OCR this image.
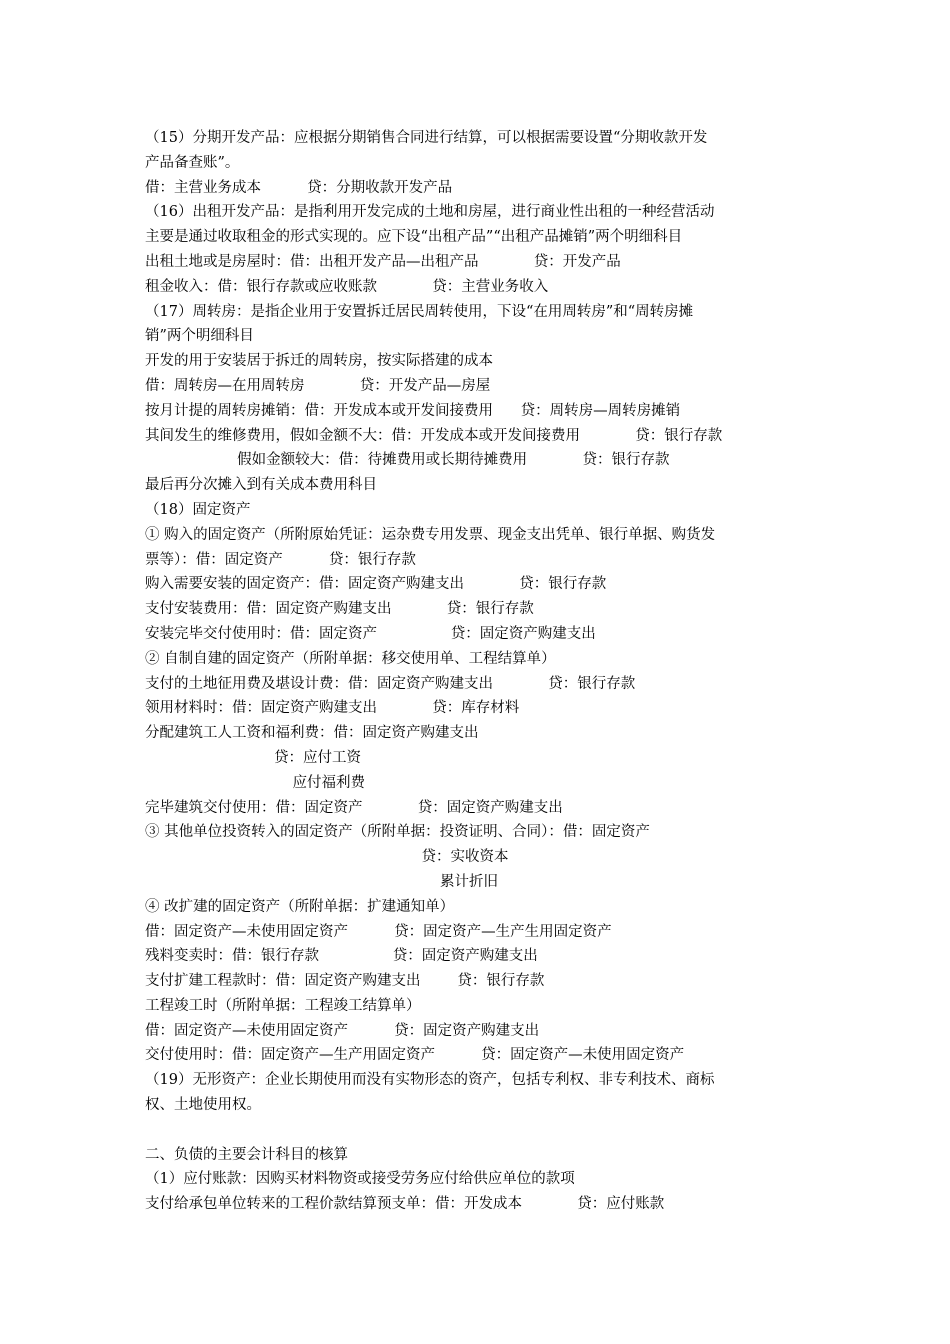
（15）分期开发产品：应根据分期销售合同进行结算，可以根据需要设置“分期收款开发
产品备查账”。
借：主营业务成本          贷：分期收款开发产品
（16）出租开发产品：是指利用开发完成的土地和房屋，进行商业性出租的一种经营活动
主要是通过收取租金的形式实现的。应下设“出租产品”“出租产品摊销”两个明细科目
出租土地或是房屋时：借：出租开发产品—出租产品            贷：开发产品
租金收入：借：银行存款或应收账款            贷：主营业务收入
（17）周转房：是指企业用于安置拆迁居民周转使用，下设“在用周转房”和“周转房摊
销”两个明细科目
开发的用于安装居于拆迁的周转房，按实际搭建的成本
借：周转房—在用周转房            贷：开发产品—房屋
按月计提的周转房摊销：借：开发成本或开发间接费用      贷：周转房—周转房摊销
其间发生的维修费用，假如金额不大：借：开发成本或开发间接费用            贷：银行存款
假如金额较大：借：待摊费用或长期待摊费用            贷：银行存款
最后再分次摊入到有关成本费用科目
（18）固定资产
① 购入的固定资产（所附原始凭证：运杂费专用发票、现金支出凭单、银行单据、购货发
票等）：借：固定资产          贷：银行存款
购入需要安装的固定资产：借：固定资产购建支出            贷：银行存款
支付安装费用：借：固定资产购建支出            贷：银行存款
安装完毕交付使用时：借：固定资产                贷：固定资产购建支出
② 自制自建的固定资产（所附单据：移交使用单、工程结算单）
支付的土地征用费及堪设计费：借：固定资产购建支出            贷：银行存款
领用材料时：借：固定资产购建支出            贷：库存材料
分配建筑工人工资和福利费：借：固定资产购建支出
贷：应付工资
应付福利费
完毕建筑交付使用：借：固定资产            贷：固定资产购建支出
③ 其他单位投资转入的固定资产（所附单据：投资证明、合同）：借：固定资产
贷：实收资本
累计折旧
④ 改扩建的固定资产（所附单据：扩建通知单）
借：固定资产—未使用固定资产          贷：固定资产—生产生用固定资产
残料变卖时：借：银行存款                贷：固定资产购建支出
支付扩建工程款时：借：固定资产购建支出        贷：银行存款
工程竣工时（所附单据：工程竣工结算单）
借：固定资产—未使用固定资产          贷：固定资产购建支出
交付使用时：借：固定资产—生产用固定资产          贷：固定资产—未使用固定资产
（19）无形资产：企业长期使用而没有实物形态的资产，包括专利权、非专利技术、商标
权、土地使用权。
二、负债的主要会计科目的核算
（1）应付账款：因购买材料物资或接受劳务应付给供应单位的款项
支付给承包单位转来的工程价款结算预支单：借：开发成本            贷：应付账款
